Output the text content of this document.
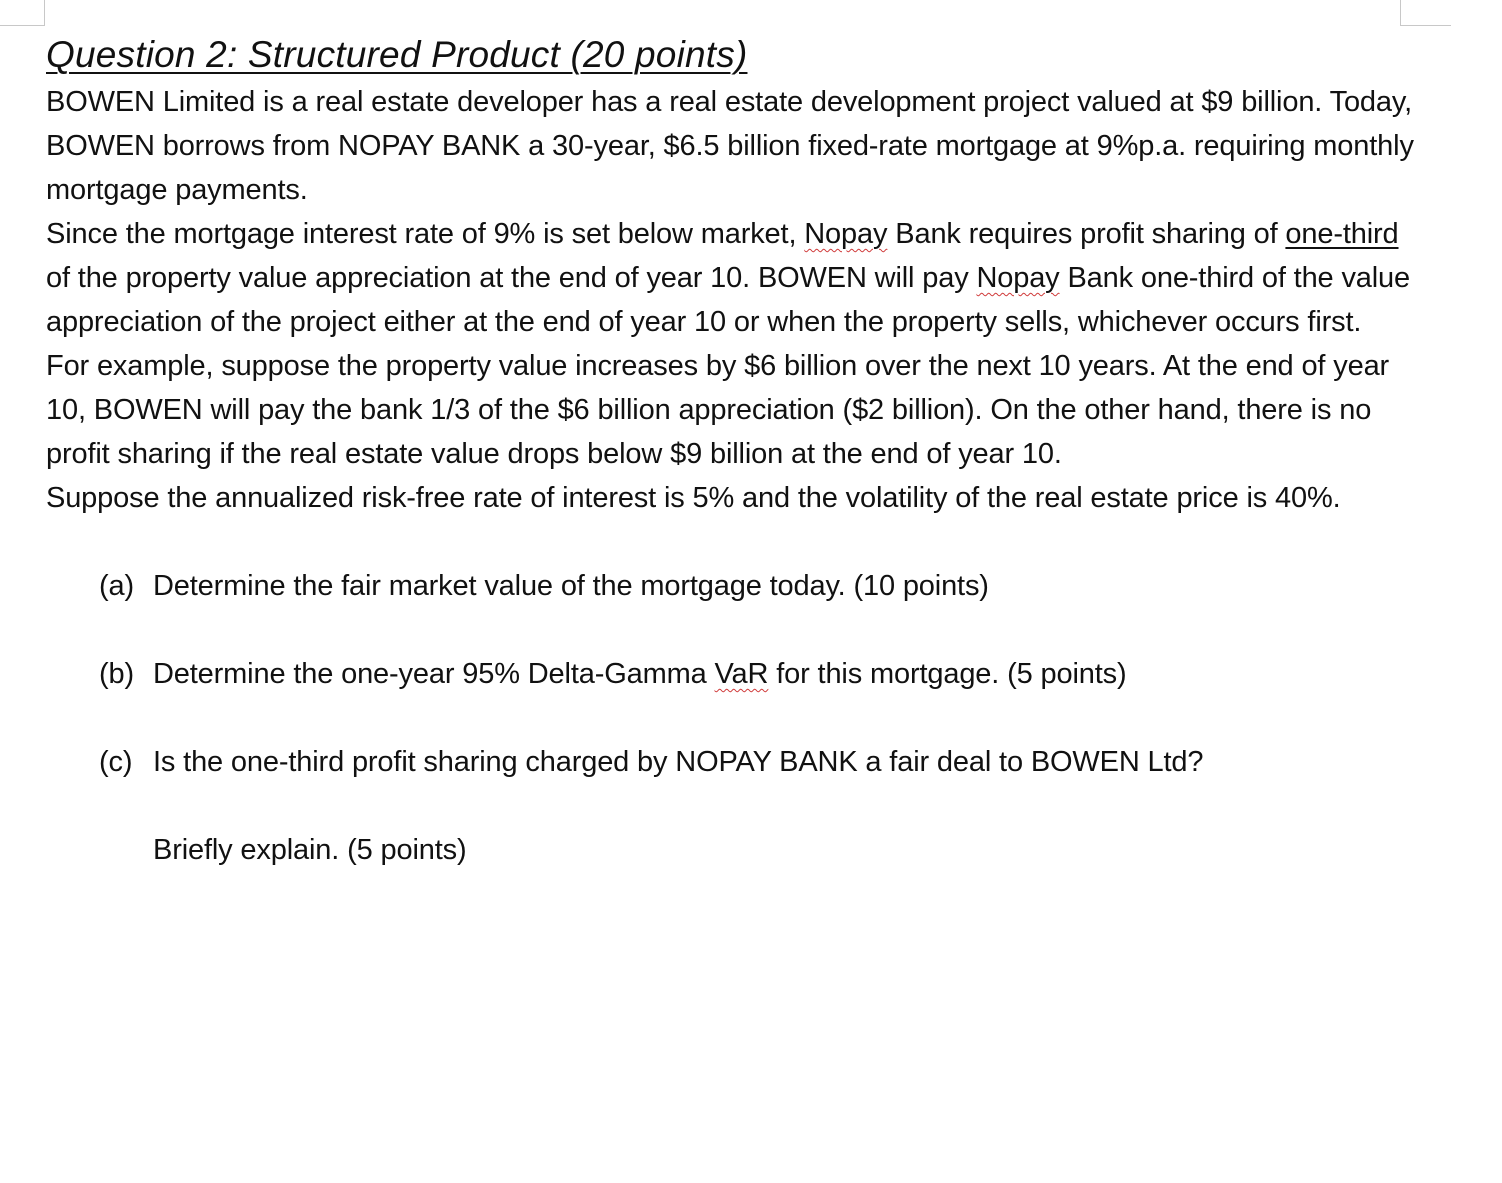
Question 2: Structured Product (20 points)

BOWEN Limited is a real estate developer has a real estate development project valued at $9 billion. Today, BOWEN borrows from NOPAY BANK a 30-year, $6.5 billion fixed-rate mortgage at 9%p.a. requiring monthly mortgage payments.

Since the mortgage interest rate of 9% is set below market, Nopay Bank requires profit sharing of one-third of the property value appreciation at the end of year 10. BOWEN will pay Nopay Bank one-third of the value appreciation of the project either at the end of year 10 or when the property sells, whichever occurs first.

For example, suppose the property value increases by $6 billion over the next 10 years. At the end of year 10, BOWEN will pay the bank 1/3 of the $6 billion appreciation ($2 billion). On the other hand, there is no profit sharing if the real estate value drops below $9 billion at the end of year 10.

Suppose the annualized risk-free rate of interest is 5% and the volatility of the real estate price is 40%.

(a) Determine the fair market value of the mortgage today. (10 points)
(b) Determine the one-year 95% Delta-Gamma VaR for this mortgage. (5 points)
(c) Is the one-third profit sharing charged by NOPAY BANK a fair deal to BOWEN Ltd?
Briefly explain. (5 points)
